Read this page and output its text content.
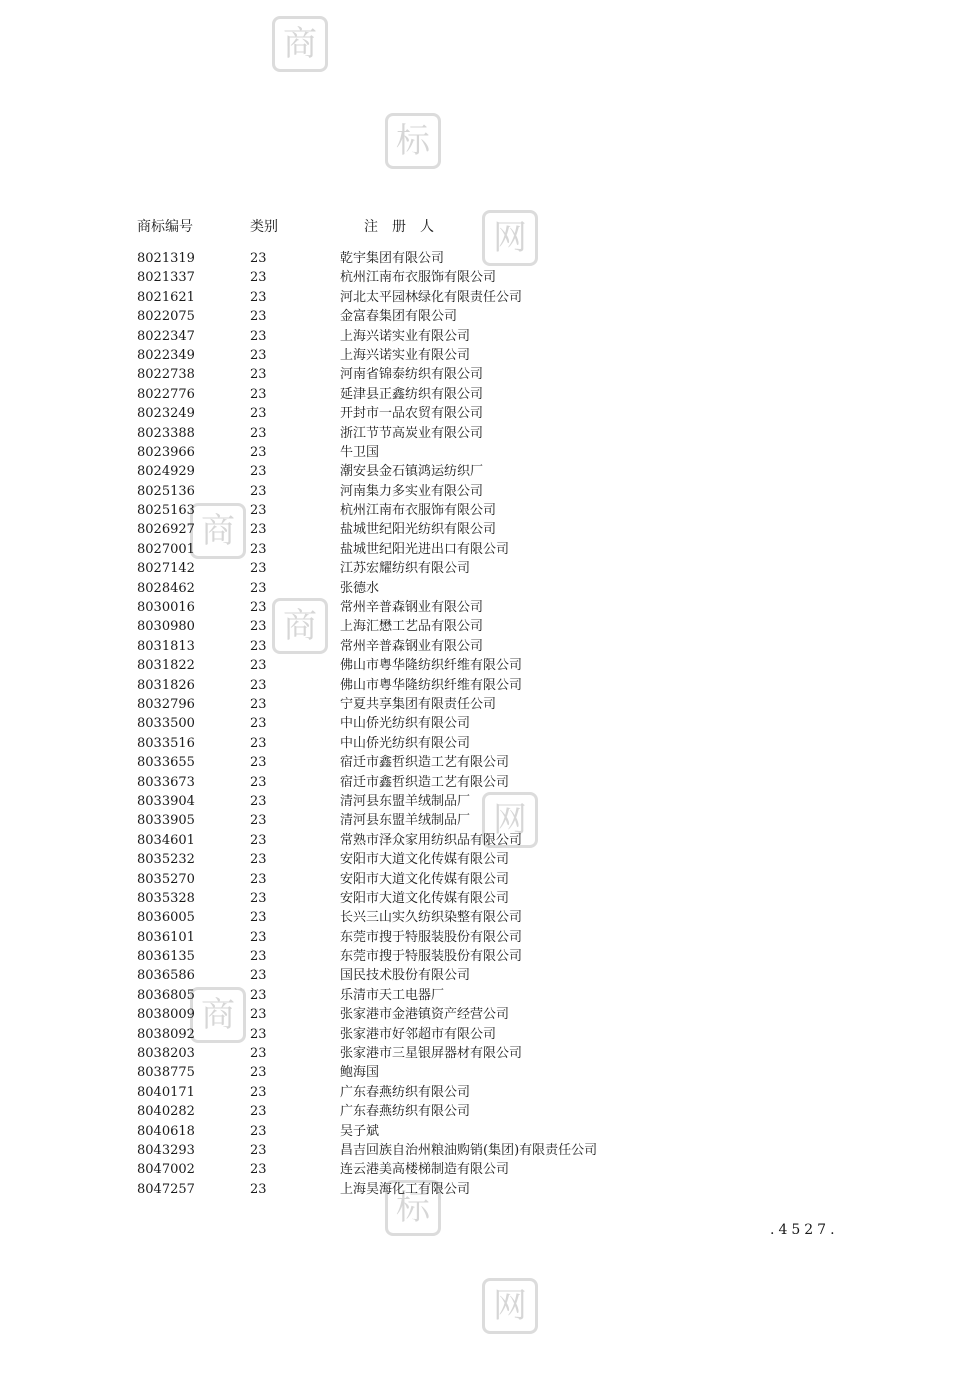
商
标
网
商
商
网
商
标
网
商标编号	类别	注册人
8021319	23	乾宇集团有限公司
8021337	23	杭州江南布衣服饰有限公司
8021621	23	河北太平园林绿化有限责任公司
8022075	23	金富春集团有限公司
8022347	23	上海兴诺实业有限公司
8022349	23	上海兴诺实业有限公司
8022738	23	河南省锦泰纺织有限公司
8022776	23	延津县正鑫纺织有限公司
8023249	23	开封市一品农贸有限公司
8023388	23	浙江节节高炭业有限公司
8023966	23	牛卫国
8024929	23	潮安县金石镇鸿运纺织厂
8025136	23	河南集力多实业有限公司
8025163	23	杭州江南布衣服饰有限公司
8026927	23	盐城世纪阳光纺织有限公司
8027001	23	盐城世纪阳光进出口有限公司
8027142	23	江苏宏耀纺织有限公司
8028462	23	张德水
8030016	23	常州辛普森钢业有限公司
8030980	23	上海汇懋工艺品有限公司
8031813	23	常州辛普森钢业有限公司
8031822	23	佛山市粤华隆纺织纤维有限公司
8031826	23	佛山市粤华隆纺织纤维有限公司
8032796	23	宁夏共享集团有限责任公司
8033500	23	中山侨光纺织有限公司
8033516	23	中山侨光纺织有限公司
8033655	23	宿迁市鑫哲织造工艺有限公司
8033673	23	宿迁市鑫哲织造工艺有限公司
8033904	23	清河县东盟羊绒制品厂
8033905	23	清河县东盟羊绒制品厂
8034601	23	常熟市泽众家用纺织品有限公司
8035232	23	安阳市大道文化传媒有限公司
8035270	23	安阳市大道文化传媒有限公司
8035328	23	安阳市大道文化传媒有限公司
8036005	23	长兴三山实久纺织染整有限公司
8036101	23	东莞市搜于特服装股份有限公司
8036135	23	东莞市搜于特服装股份有限公司
8036586	23	国民技术股份有限公司
8036805	23	乐清市天工电器厂
8038009	23	张家港市金港镇资产经营公司
8038092	23	张家港市好邻超市有限公司
8038203	23	张家港市三星银屏器材有限公司
8038775	23	鲍海国
8040171	23	广东春燕纺织有限公司
8040282	23	广东春燕纺织有限公司
8040618	23	吴子斌
8043293	23	昌吉回族自治州粮油购销(集团)有限责任公司
8047002	23	连云港美高楼梯制造有限公司
8047257	23	上海昊海化工有限公司
.4527.
